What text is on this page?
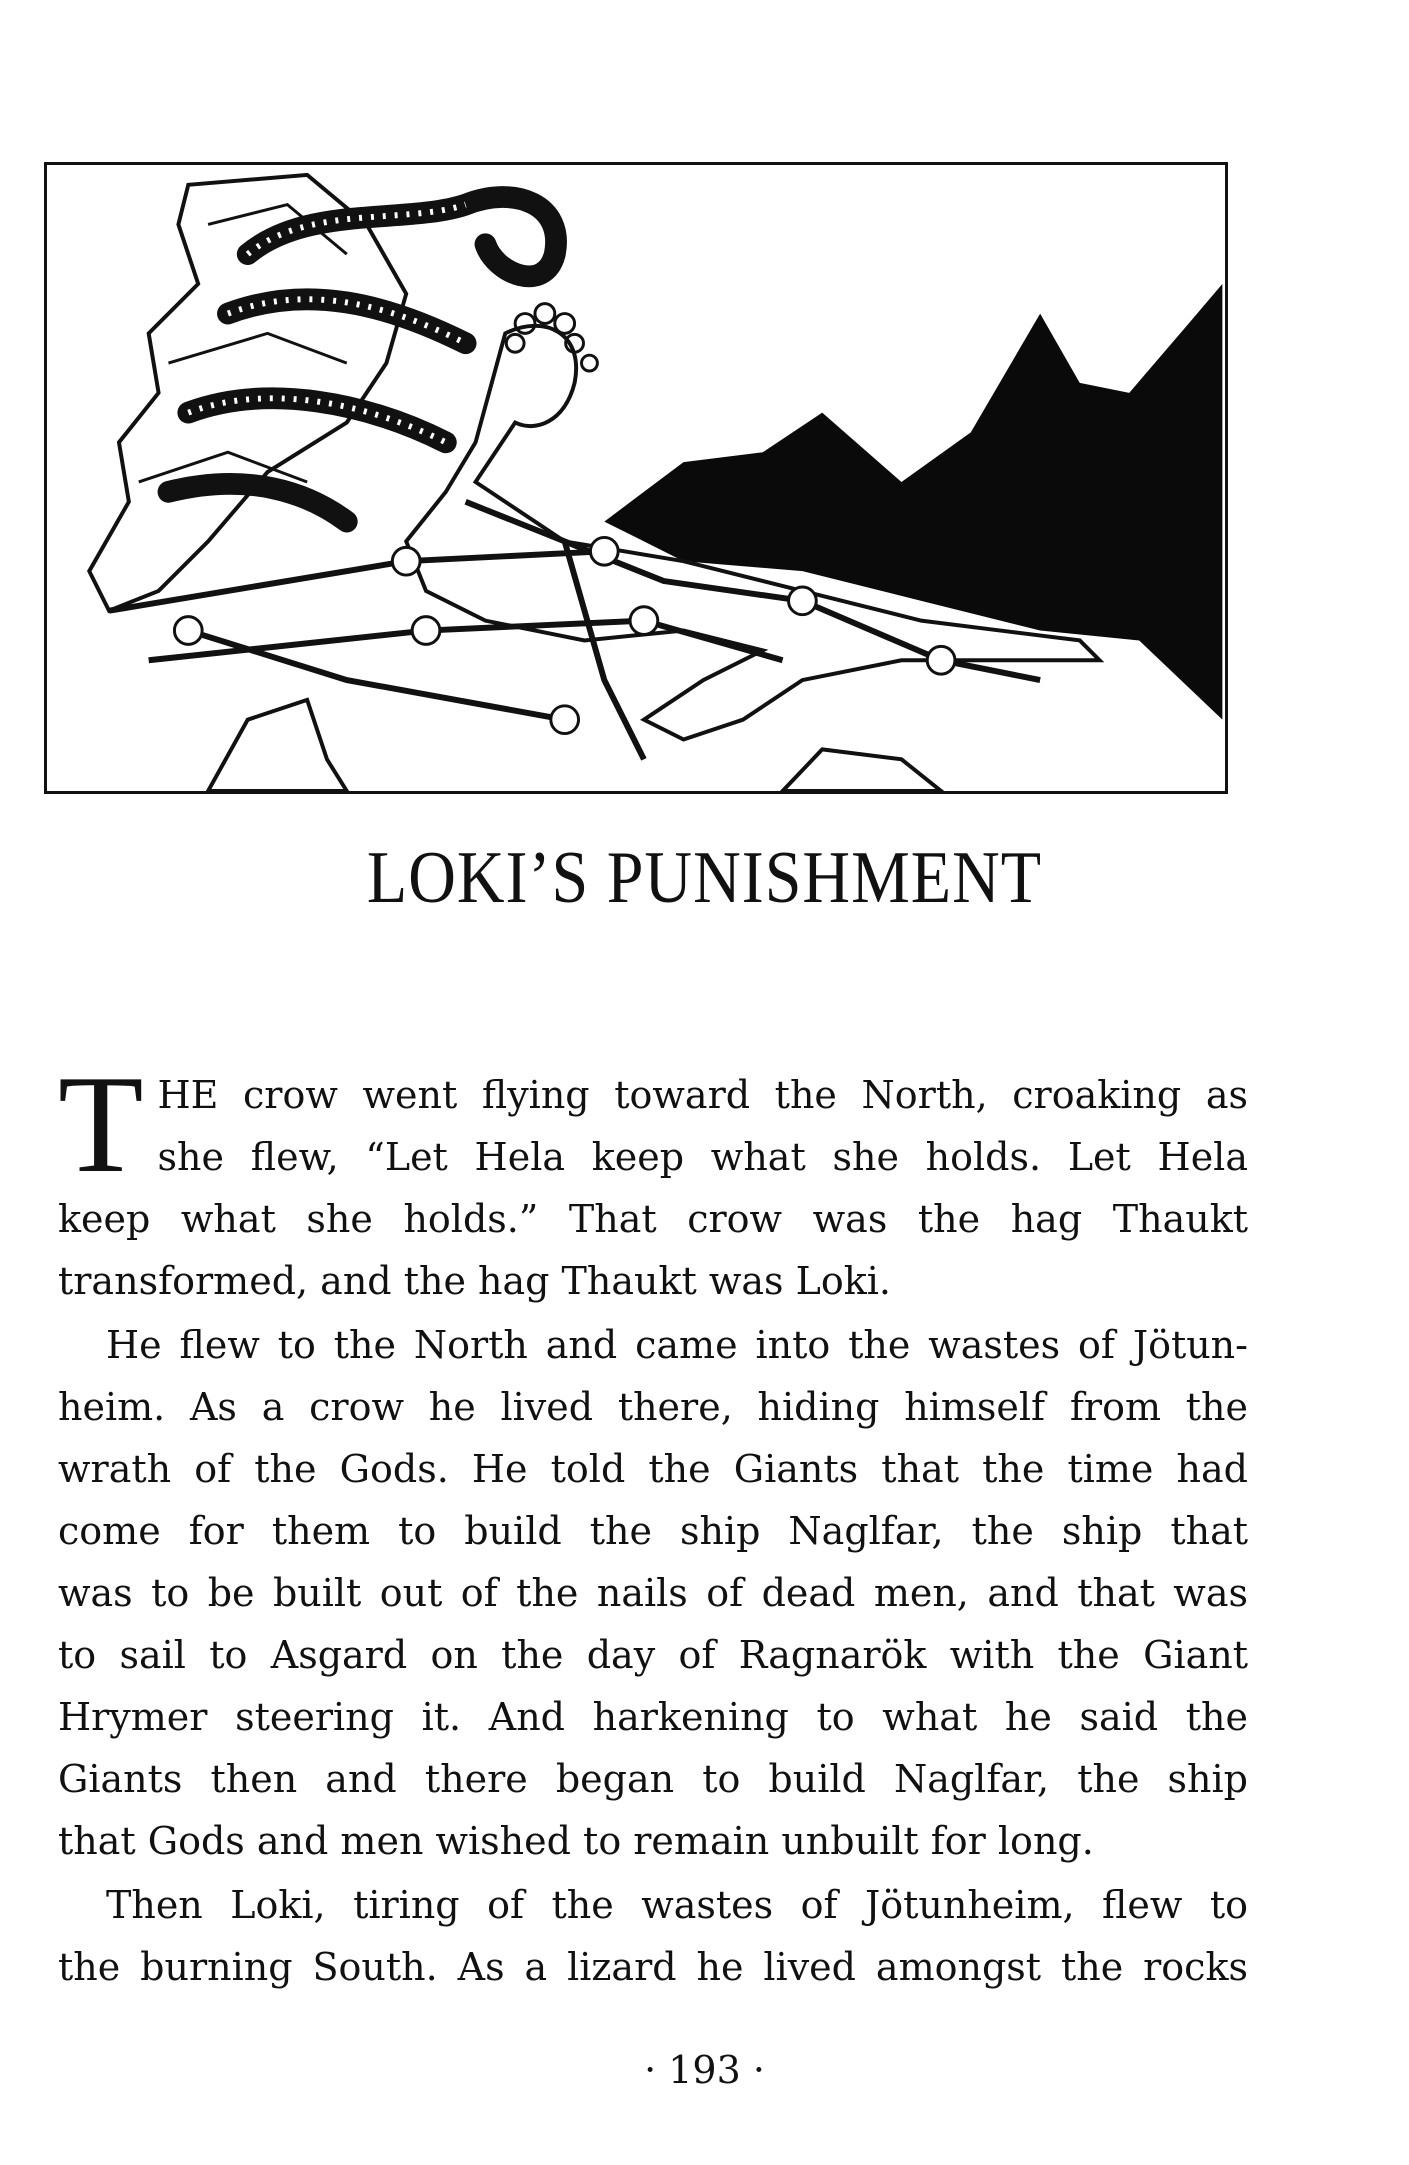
LOKI’S PUNISHMENT

T HE crow went flying toward the North, croaking as
she flew, “Let Hela keep what she holds. Let Hela
keep what she holds.” That crow was the hag Thaukt
transformed, and the hag Thaukt was Loki.

He flew to the North and came into the wastes of Jötun-
heim. As a crow he lived there, hiding himself from the
wrath of the Gods. He told the Giants that the time had
come for them to build the ship Naglfar, the ship that
was to be built out of the nails of dead men, and that was
to sail to Asgard on the day of Ragnarök with the Giant
Hrymer steering it. And harkening to what he said the
Giants then and there began to build Naglfar, the ship
that Gods and men wished to remain unbuilt for long.

Then Loki, tiring of the wastes of Jötunheim, flew to
the burning South. As a lizard he lived amongst the rocks

· 193 ·
